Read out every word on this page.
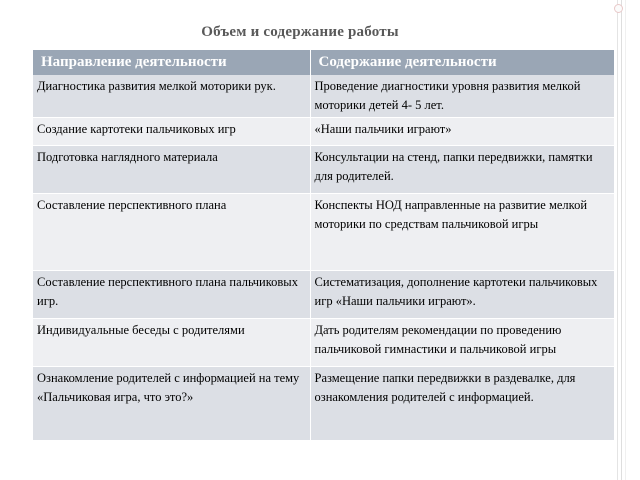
Объем и содержание работы
Направление деятельности	Содержание деятельности
Диагностика развития мелкой моторики рук.	Проведение диагностики уровня развития мелкой моторики детей 4- 5 лет.
Создание картотеки пальчиковых игр	«Наши пальчики играют»
Подготовка наглядного материала	Консультации на стенд, папки передвижки, памятки для родителей.
Составление перспективного плана	Конспекты НОД направленные на развитие мелкой моторики по средствам пальчиковой игры
Составление перспективного плана пальчиковых игр.	Систематизация, дополнение картотеки пальчиковых игр «Наши пальчики играют».
Индивидуальные беседы с родителями	Дать родителям рекомендации по проведению пальчиковой гимнастики и пальчиковой игры
Ознакомление родителей с информацией на тему «Пальчиковая игра, что это?»	Размещение папки передвижки в раздевалке, для ознакомления родителей с информацией.
